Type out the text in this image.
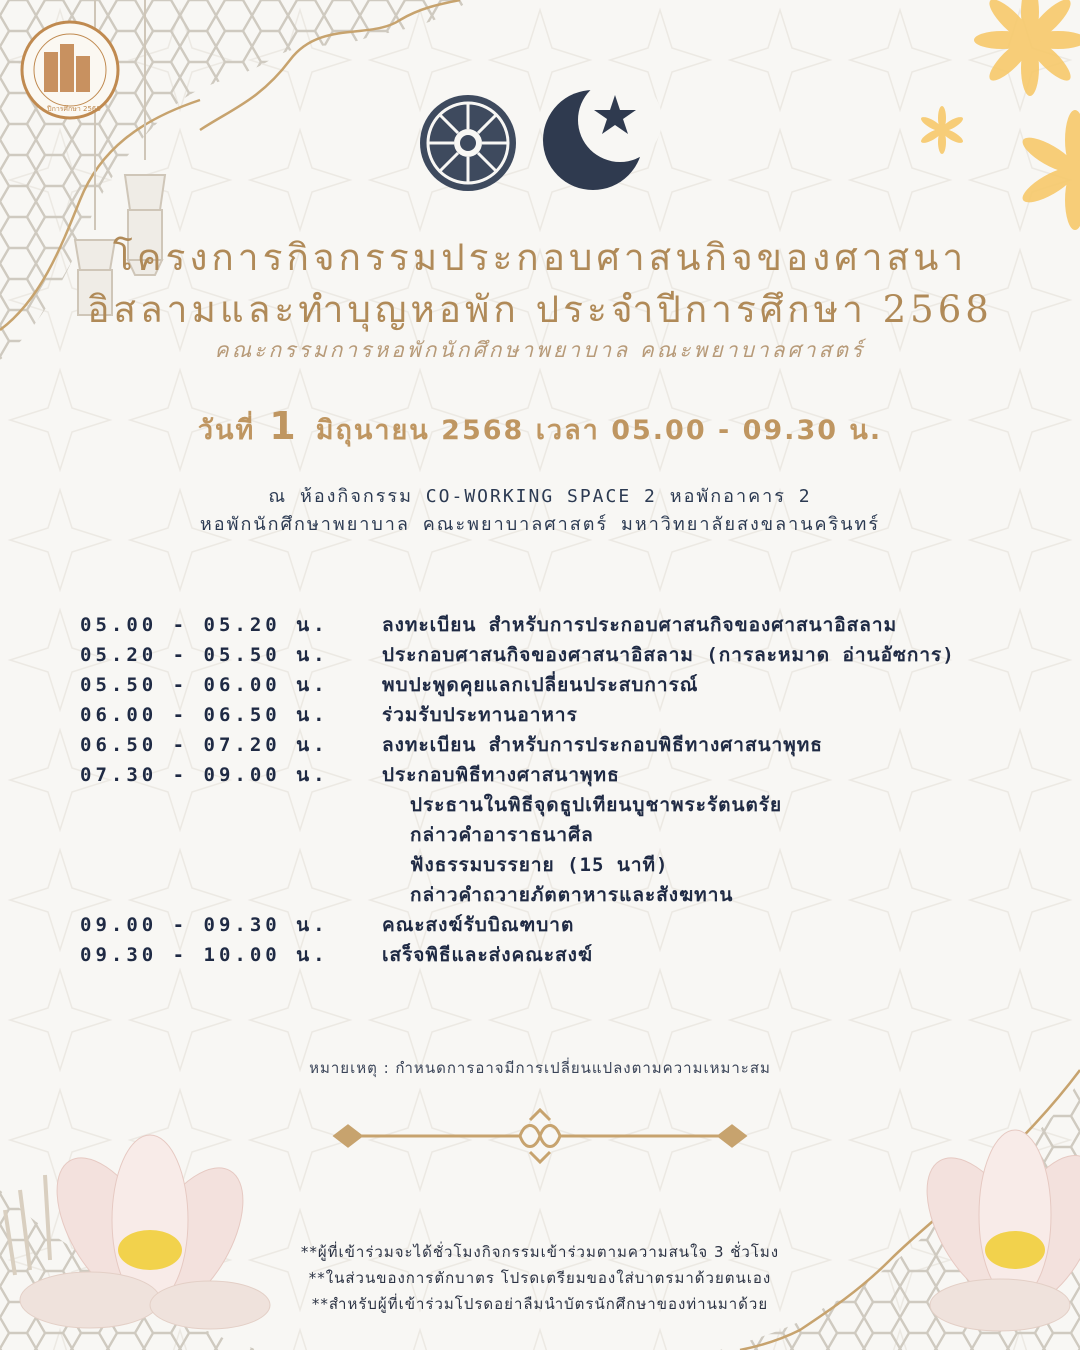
ปีการศึกษา 2568
โครงการกิจกรรมประกอบศาสนกิจของศาสนา
อิสลามและทำบุญหอพัก ประจำปีการศึกษา 2568
คณะกรรมการหอพักนักศึกษาพยาบาล คณะพยาบาลศาสตร์
วันที่ 1 มิถุนายน 2568 เวลา 05.00 - 09.30 น.
ณ ห้องกิจกรรม CO-WORKING SPACE 2 หอพักอาคาร 2
หอพักนักศึกษาพยาบาล คณะพยาบาลศาสตร์ มหาวิทยาลัยสงขลานครินทร์
05.00 - 05.20 น.	ลงทะเบียน สำหรับการประกอบศาสนกิจของศาสนาอิสลาม
05.20 - 05.50 น.	ประกอบศาสนกิจของศาสนาอิสลาม (การละหมาด อ่านอัซการ)
05.50 - 06.00 น.	พบปะพูดคุยแลกเปลี่ยนประสบการณ์
06.00 - 06.50 น.	ร่วมรับประทานอาหาร
06.50 - 07.20 น.	ลงทะเบียน สำหรับการประกอบพิธีทางศาสนาพุทธ
07.30 - 09.00 น.	ประกอบพิธีทางศาสนาพุทธ
ประธานในพิธีจุดธูปเทียนบูชาพระรัตนตรัย
กล่าวคำอาราธนาศีล
ฟังธรรมบรรยาย (15 นาที)
กล่าวคำถวายภัตตาหารและสังฆทาน
09.00 - 09.30 น.	คณะสงฆ์รับบิณฑบาต
09.30 - 10.00 น.	เสร็จพิธีและส่งคณะสงฆ์
หมายเหตุ : กำหนดการอาจมีการเปลี่ยนแปลงตามความเหมาะสม
**ผู้ที่เข้าร่วมจะได้ชั่วโมงกิจกรรมเข้าร่วมตามความสนใจ 3 ชั่วโมง
**ในส่วนของการตักบาตร โปรดเตรียมของใส่บาตรมาด้วยตนเอง
**สำหรับผู้ที่เข้าร่วมโปรดอย่าลืมนำบัตรนักศึกษาของท่านมาด้วย
